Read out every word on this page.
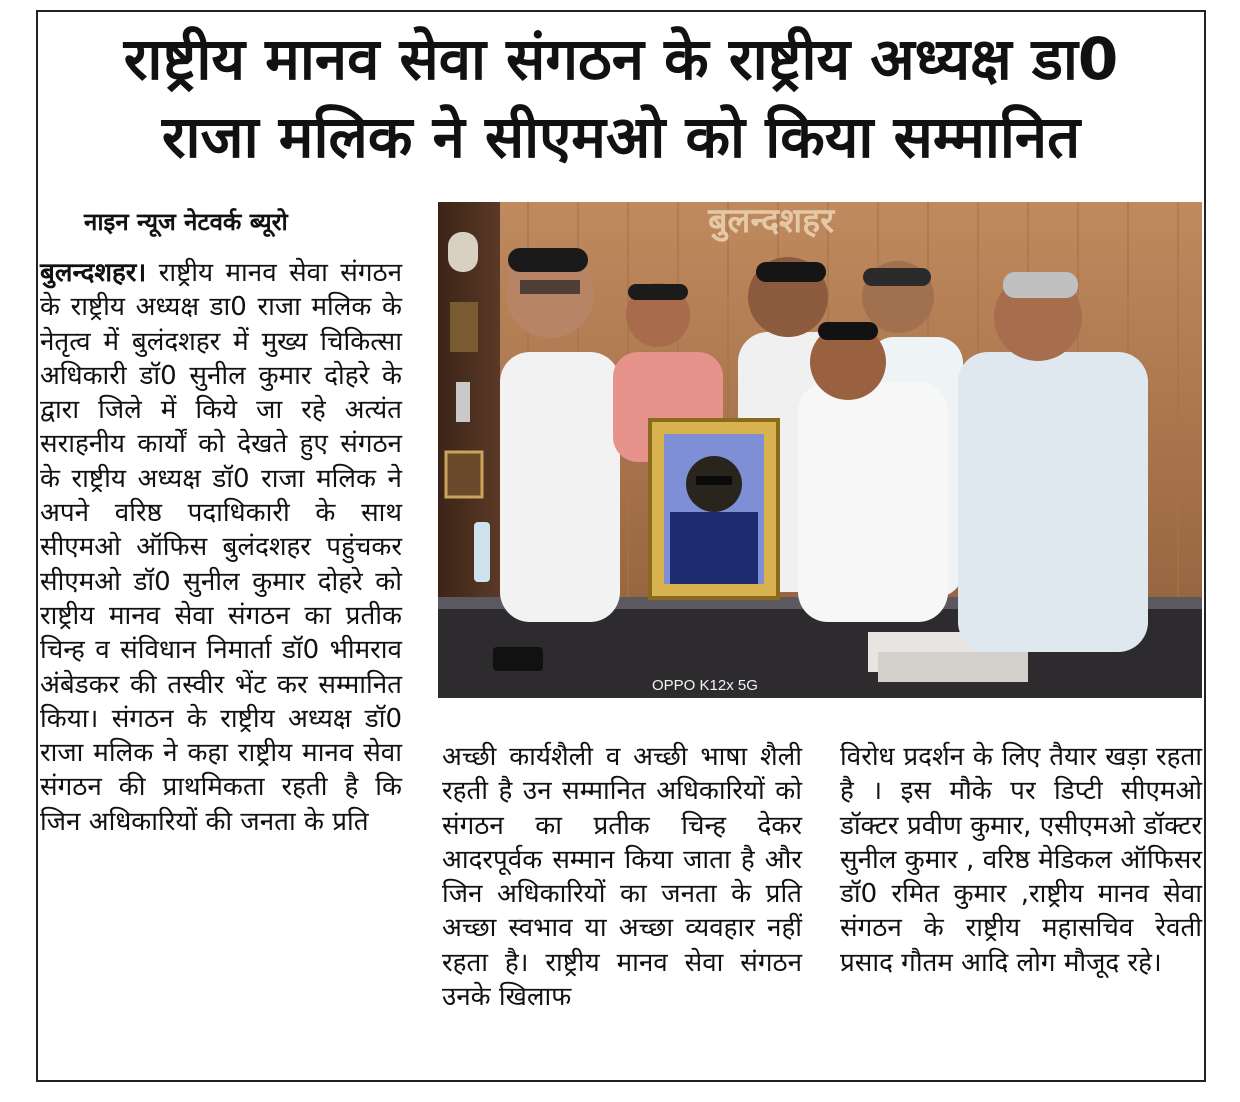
राष्ट्रीय मानव सेवा संगठन के राष्ट्रीय अध्यक्ष डा0
राजा मलिक ने सीएमओ को किया सम्मानित
नाइन न्यूज नेटवर्क ब्यूरो

बुलन्दशहर। राष्ट्रीय मानव सेवा संगठन के राष्ट्रीय अध्यक्ष डा0 राजा मलिक के नेतृत्व में बुलंदशहर में मुख्य चिकित्सा अधिकारी डॉ0 सुनील कुमार दोहरे के द्वारा जिले में किये जा रहे अत्यंत सराहनीय कार्यों को देखते हुए संगठन के राष्ट्रीय अध्यक्ष डॉ0 राजा मलिक ने अपने वरिष्ठ पदाधिकारी के साथ सीएमओ ऑफिस बुलंदशहर पहुंचकर सीएमओ डॉ0 सुनील कुमार दोहरे को राष्ट्रीय मानव सेवा संगठन का प्रतीक चिन्ह व संविधान निमार्ता डॉ0 भीमराव अंबेडकर की तस्वीर भेंट कर सम्मानित किया। संगठन के राष्ट्रीय अध्यक्ष डॉ0 राजा मलिक ने कहा राष्ट्रीय मानव सेवा संगठन की प्राथमिकता रहती है कि जिन अधिकारियों की जनता के प्रति

बुलन्दशहर
OPPO K12x 5G

अच्छी कार्यशैली व अच्छी भाषा शैली रहती है उन सम्मानित अधिकारियों को संगठन का प्रतीक चिन्ह देकर आदरपूर्वक सम्मान किया जाता है और जिन अधिकारियों का जनता के प्रति अच्छा स्वभाव या अच्छा व्यवहार नहीं रहता है। राष्ट्रीय मानव सेवा संगठन उनके खिलाफ

विरोध प्रदर्शन के लिए तैयार खड़ा रहता है । इस मौके पर डिप्टी सीएमओ डॉक्टर प्रवीण कुमार, एसीएमओ डॉक्टर सुनील कुमार , वरिष्ठ मेडिकल ऑफिसर डॉ0 रमित कुमार ,राष्ट्रीय मानव सेवा संगठन के राष्ट्रीय महासचिव रेवती प्रसाद गौतम आदि लोग मौजूद रहे।
